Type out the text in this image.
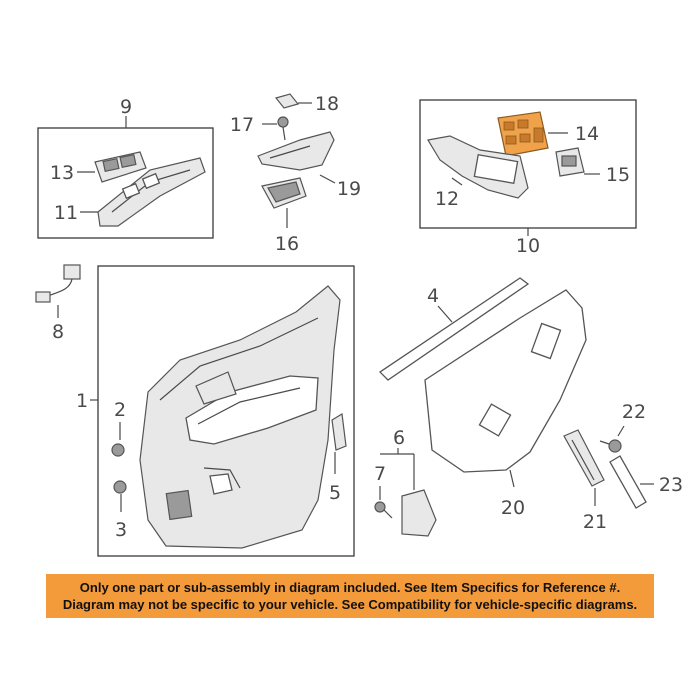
9
13
11
18
17
19
16	10
14
12
15
8
1 2
3
5
4
20
6
7
22
21
23
Only one part or sub-assembly in diagram included. See Item Specifics for Reference #.
Diagram may not be specific to your vehicle. See Compatibility for vehicle-specific diagrams.
